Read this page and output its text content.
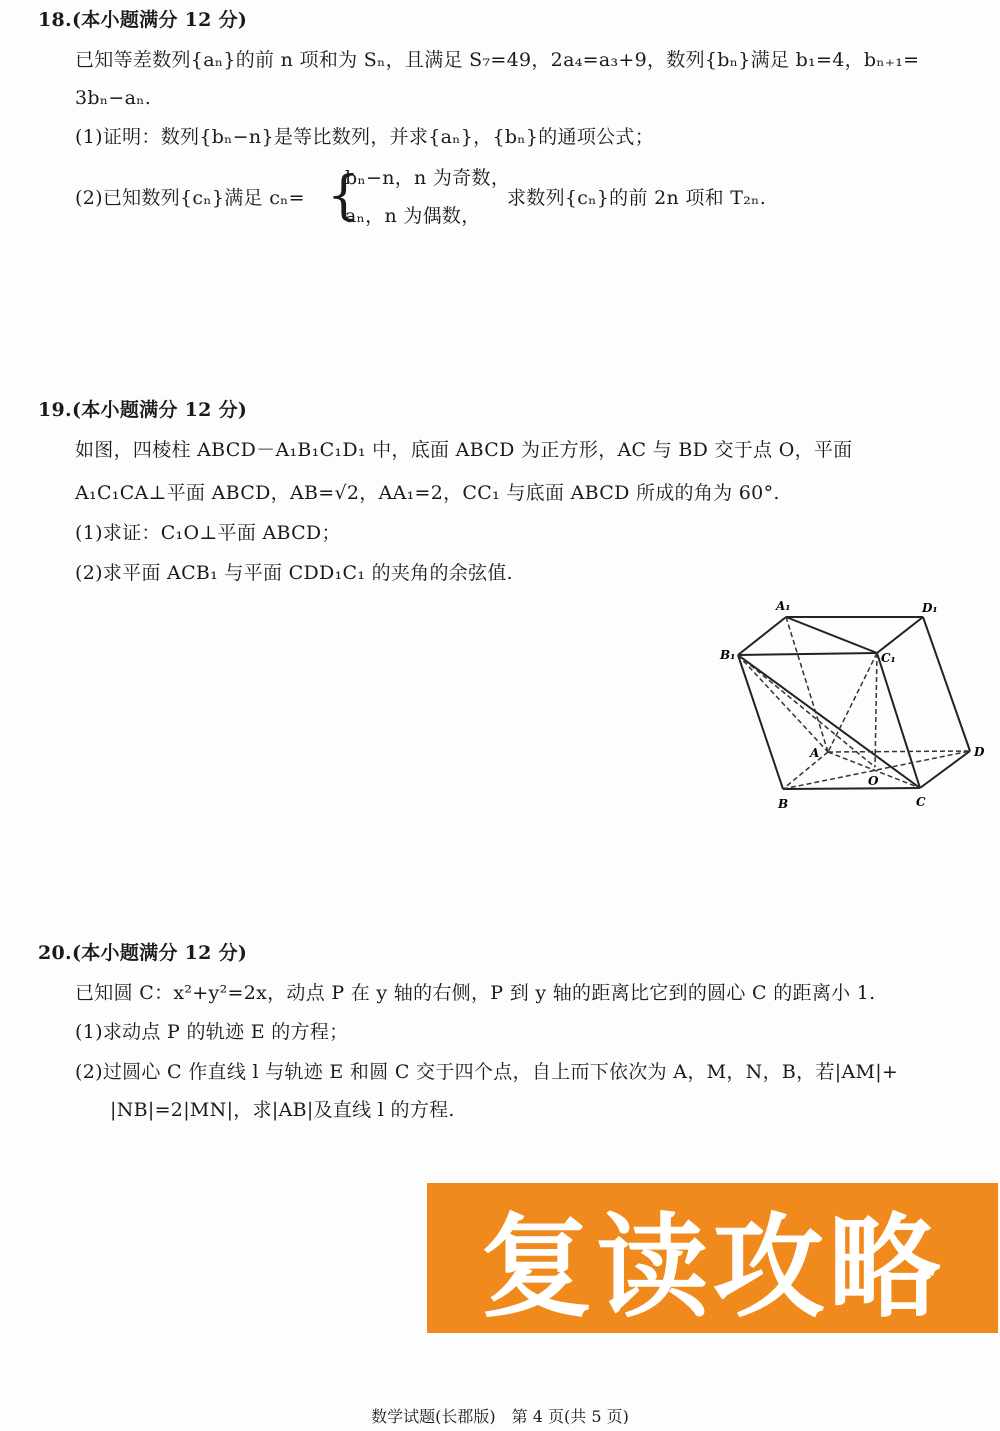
18.(本小题满分 12 分)
已知等差数列{aₙ}的前 n 项和为 Sₙ，且满足 S₇=49，2a₄=a₃+9，数列{bₙ}满足 b₁=4，bₙ₊₁=
3bₙ−aₙ.
(1)证明：数列{bₙ−n}是等比数列，并求{aₙ}，{bₙ}的通项公式；
(2)已知数列{cₙ}满足 cₙ= {
bₙ−n，n 为奇数，
aₙ，n 为偶数，
求数列{cₙ}的前 2n 项和 T₂ₙ.
19.(本小题满分 12 分)
如图，四棱柱 ABCD－A₁B₁C₁D₁ 中，底面 ABCD 为正方形，AC 与 BD 交于点 O，平面
A₁C₁CA⊥平面 ABCD，AB=√2，AA₁=2，CC₁ 与底面 ABCD 所成的角为 60°.
(1)求证：C₁O⊥平面 ABCD；
(2)求平面 ACB₁ 与平面 CDD₁C₁ 的夹角的余弦值.
A₁	D₁
B₁	C₁
A	D
B	C
O
20.(本小题满分 12 分)
已知圆 C：x²+y²=2x，动点 P 在 y 轴的右侧，P 到 y 轴的距离比它到的圆心 C 的距离小 1.
(1)求动点 P 的轨迹 E 的方程；
(2)过圆心 C 作直线 l 与轨迹 E 和圆 C 交于四个点，自上而下依次为 A，M，N，B，若|AM|+
|NB|=2|MN|，求|AB|及直线 l 的方程.
复读攻略
数学试题(长郡版)　第 4 页(共 5 页)
